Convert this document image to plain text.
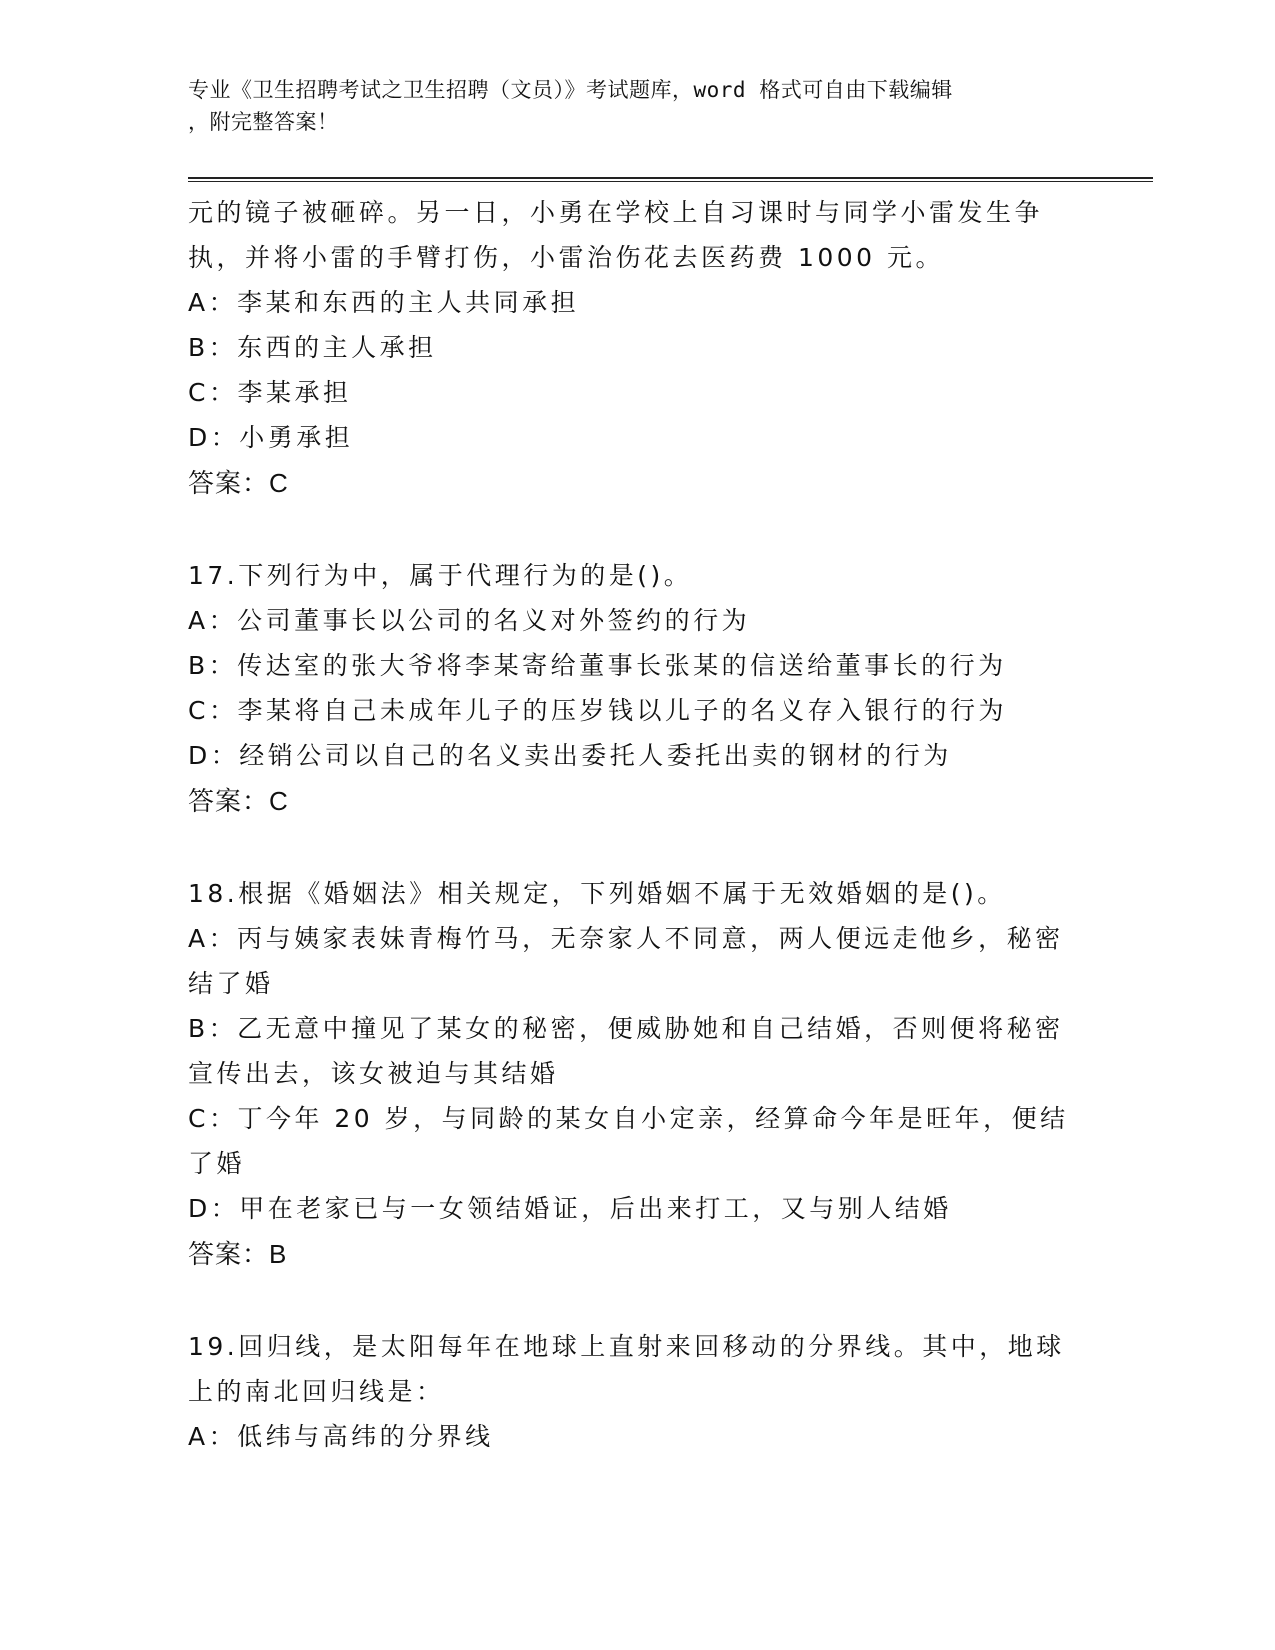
专业《卫生招聘考试之卫生招聘（文员）》考试题库，word 格式可自由下载编辑
，附完整答案！
元的镜子被砸碎。另一日，小勇在学校上自习课时与同学小雷发生争
执，并将小雷的手臂打伤，小雷治伤花去医药费 1000 元。
A：李某和东西的主人共同承担
B：东西的主人承担
C：李某承担
D：小勇承担
答案：C
17.下列行为中，属于代理行为的是()。
A：公司董事长以公司的名义对外签约的行为
B：传达室的张大爷将李某寄给董事长张某的信送给董事长的行为
C：李某将自己未成年儿子的压岁钱以儿子的名义存入银行的行为
D：经销公司以自己的名义卖出委托人委托出卖的钢材的行为
答案：C
18.根据《婚姻法》相关规定，下列婚姻不属于无效婚姻的是()。
A：丙与姨家表妹青梅竹马，无奈家人不同意，两人便远走他乡，秘密
结了婚
B：乙无意中撞见了某女的秘密，便威胁她和自己结婚，否则便将秘密
宣传出去，该女被迫与其结婚
C：丁今年 20 岁，与同龄的某女自小定亲，经算命今年是旺年，便结
了婚
D：甲在老家已与一女领结婚证，后出来打工，又与别人结婚
答案：B
19.回归线，是太阳每年在地球上直射来回移动的分界线。其中，地球
上的南北回归线是：
A：低纬与高纬的分界线
